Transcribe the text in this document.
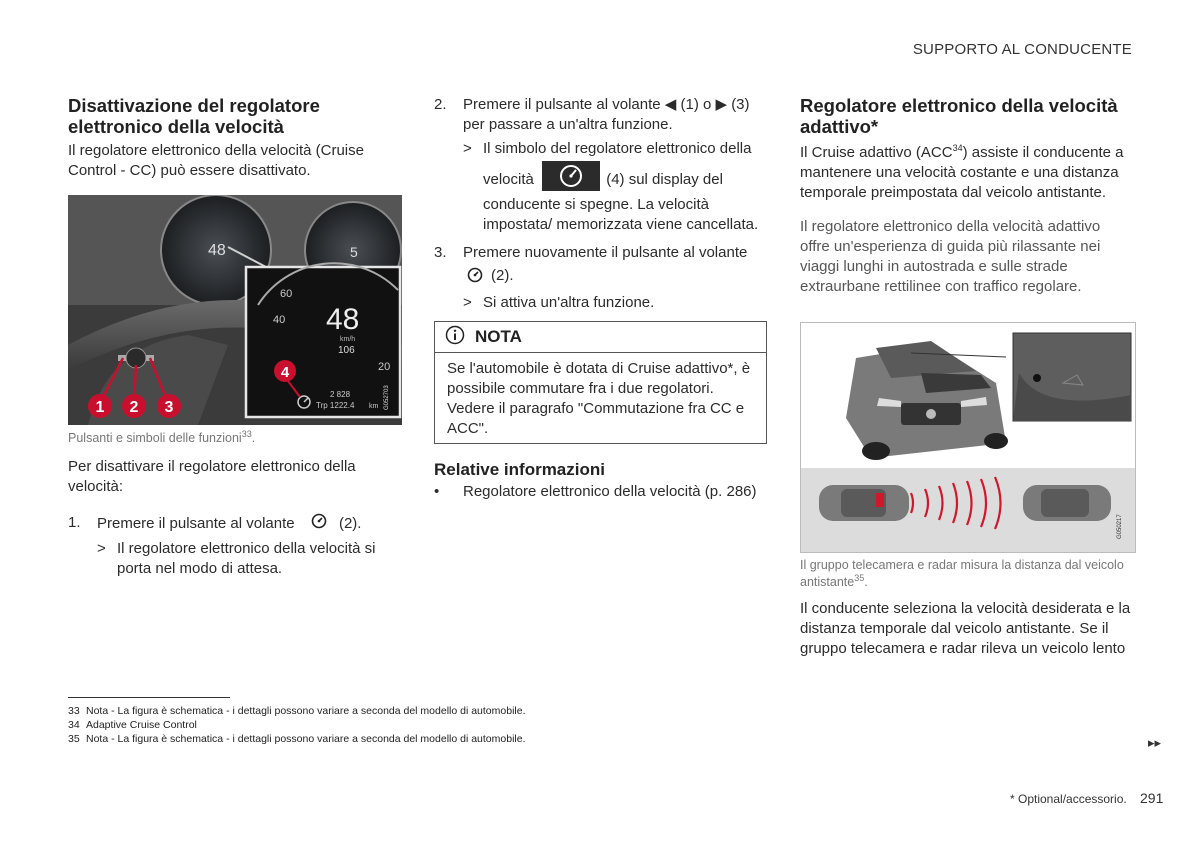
SUPPORTO AL CONDUCENTE
Disattivazione del regolatore elettronico della velocità

Il regolatore elettronico della velocità (Cruise Control - CC) può essere disattivato.

48	5
60
40
20
48
km/h
106
2 828
Trp 1222.4 km G052703
1 2 3
4
Pulsanti e simboli delle funzioni$^{33}$.

Per disattivare il regolatore elettronico della velocità:

1. Premere il pulsante al volante	(2).
> Il regolatore elettronico della velocità si porta nel modo di attesa.
2. Premere il pulsante al volante ◀ (1) o ▶ (3) per passare a un'altra funzione.
> Il simbolo del regolatore elettronico della
velocità	(4) sul display del conducente si spegne. La velocità impostata/ memorizzata viene cancellata.
3. Premere nuovamente il pulsante al volante
(2).
> Si attiva un'altra funzione.
NOTA
Se l'automobile è dotata di Cruise adattivo*, è possibile commutare fra i due regolatori. Vedere il paragrafo "Commutazione fra CC e ACC".
Relative informazioni
• Regolatore elettronico della velocità (p. 286)
Regolatore elettronico della velocità adattivo*

Il Cruise adattivo (ACC$^{34}$) assiste il conducente a mantenere una velocità costante e una distanza temporale preimpostata dal veicolo antistante.

Il regolatore elettronico della velocità adattivo offre un'esperienza di guida più rilassante nei viaggi lunghi in autostrada e sulle strade extraurbane rettilinee con traffico regolare.

G050217
Il gruppo telecamera e radar misura la distanza dal veicolo antistante$^{35}$.

Il conducente seleziona la velocità desiderata e la distanza temporale dal veicolo antistante. Se il gruppo telecamera e radar rileva un veicolo lento

33 Nota - La figura è schematica - i dettagli possono variare a seconda del modello di automobile.
34 Adaptive Cruise Control
35 Nota - La figura è schematica - i dettagli possono variare a seconda del modello di automobile.	▸▸
* Optional/accessorio. 291
